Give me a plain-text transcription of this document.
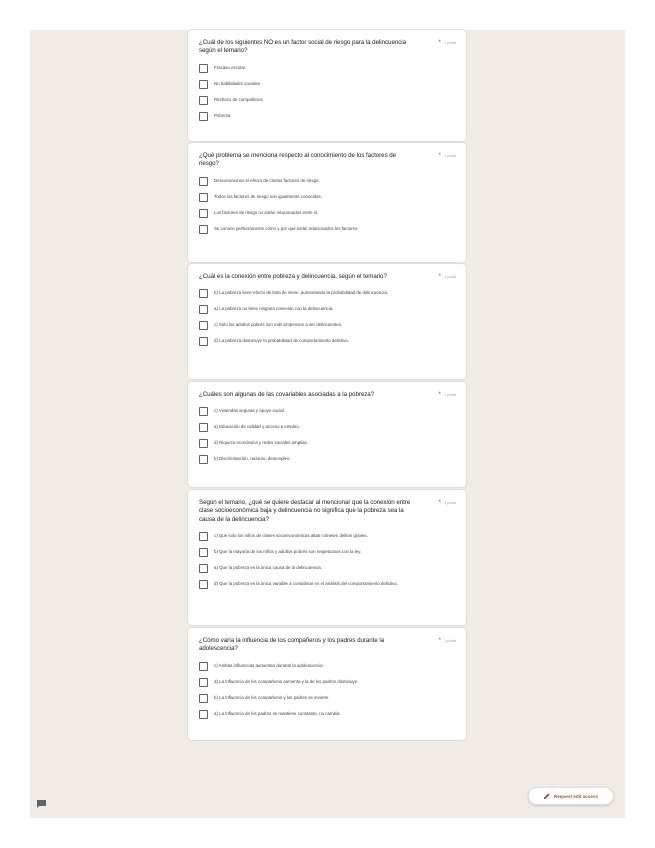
¿Cuál de los siguientes NO es un factor social de riesgo para la delincuencia según el temario?
* 1 point
Fracaso escolar
No habilidades sociales
Rechazo de compañeros
Pobreza
¿Qué problema se menciona respecto al conocimiento de los factores de riesgo?
* 1 point
Desconocemos el efecto de ciertos factores de riesgo.
Todos los factores de riesgo son igualmente conocidos.
Los factores de riesgo no están relacionados entre sí.
Se conoce perfectamente cómo y por qué están relacionados los factores.
¿Cuál es la conexión entre pobreza y delincuencia, según el temario?	* 1 point
b) La pobreza tiene efecto de bola de nieve, aumentando la probabilidad de delincuencia.
a) La pobreza no tiene ninguna conexión con la delincuencia.
c) Solo los adultos pobres son más propensos a ser delincuentes.
d) La pobreza disminuye la probabilidad de comportamiento delictivo.
¿Cuáles son algunas de las covariables asociadas a la pobreza?	* 1 point
c) Viviendas seguras y apoyo social.
a) Educación de calidad y acceso a empleo.
d) Riqueza económica y redes sociales amplias.
b) Discriminación, racismo, desempleo.
Según el temario, ¿qué se quiere destacar al mencionar que la conexión entre clase socioeconómica baja y delincuencia no significa que la pobreza sea la causa de la delincuencia?
* 1 point
c) Que solo los niños de clases socioeconómicas altas cometen delitos graves.
b) Que la mayoría de los niños y adultos pobres son respetuosos con la ley.
a) Que la pobreza es la única causa de la delincuencia.
d) Que la pobreza es la única variable a considerar en el análisis del comportamiento delictivo.
¿Cómo varía la influencia de los compañeros y los padres durante la adolescencia?
* 1 point
c) Ambas influencias aumentan durante la adolescencia.
d) La influencia de los compañeros aumenta y la de los padres disminuye.
b) La influencia de los compañeros y los padres se invierte.
a) La influencia de los padres se mantiene constante, no cambia.
Request edit access
